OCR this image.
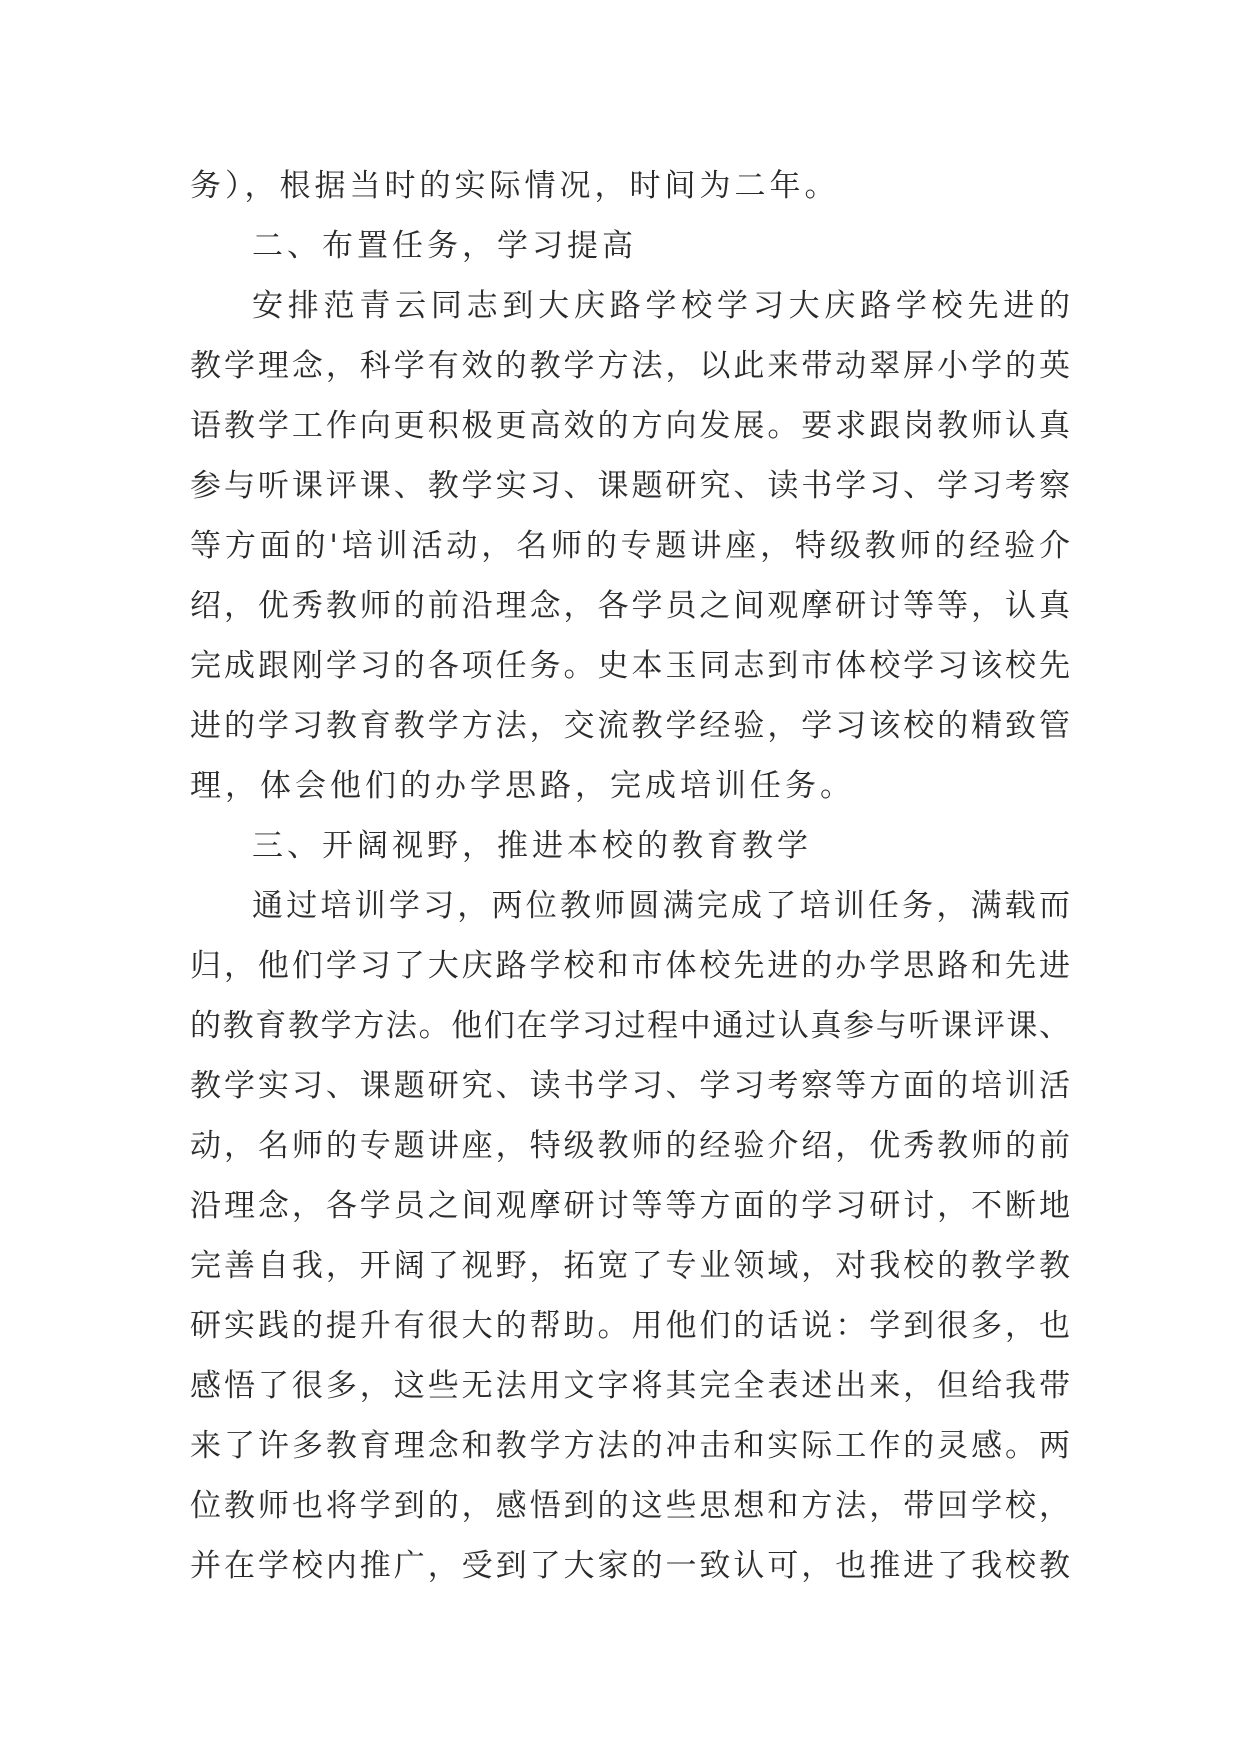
务），根据当时的实际情况，时间为二年。

二、布置任务，学习提高

安排范青云同志到大庆路学校学习大庆路学校先进的

教学理念，科学有效的教学方法，以此来带动翠屏小学的英

语教学工作向更积极更高效的方向发展。要求跟岗教师认真

参与听课评课、教学实习、课题研究、读书学习、学习考察

等方面的'培训活动，名师的专题讲座，特级教师的经验介

绍，优秀教师的前沿理念，各学员之间观摩研讨等等，认真

完成跟刚学习的各项任务。史本玉同志到市体校学习该校先

进的学习教育教学方法，交流教学经验，学习该校的精致管

理，体会他们的办学思路，完成培训任务。

三、开阔视野，推进本校的教育教学

通过培训学习，两位教师圆满完成了培训任务，满载而

归，他们学习了大庆路学校和市体校先进的办学思路和先进

的教育教学方法。他们在学习过程中通过认真参与听课评课、

教学实习、课题研究、读书学习、学习考察等方面的培训活

动，名师的专题讲座，特级教师的经验介绍，优秀教师的前

沿理念，各学员之间观摩研讨等等方面的学习研讨，不断地

完善自我，开阔了视野，拓宽了专业领域，对我校的教学教

研实践的提升有很大的帮助。用他们的话说：学到很多，也

感悟了很多，这些无法用文字将其完全表述出来，但给我带

来了许多教育理念和教学方法的冲击和实际工作的灵感。两

位教师也将学到的，感悟到的这些思想和方法，带回学校，

并在学校内推广，受到了大家的一致认可，也推进了我校教
